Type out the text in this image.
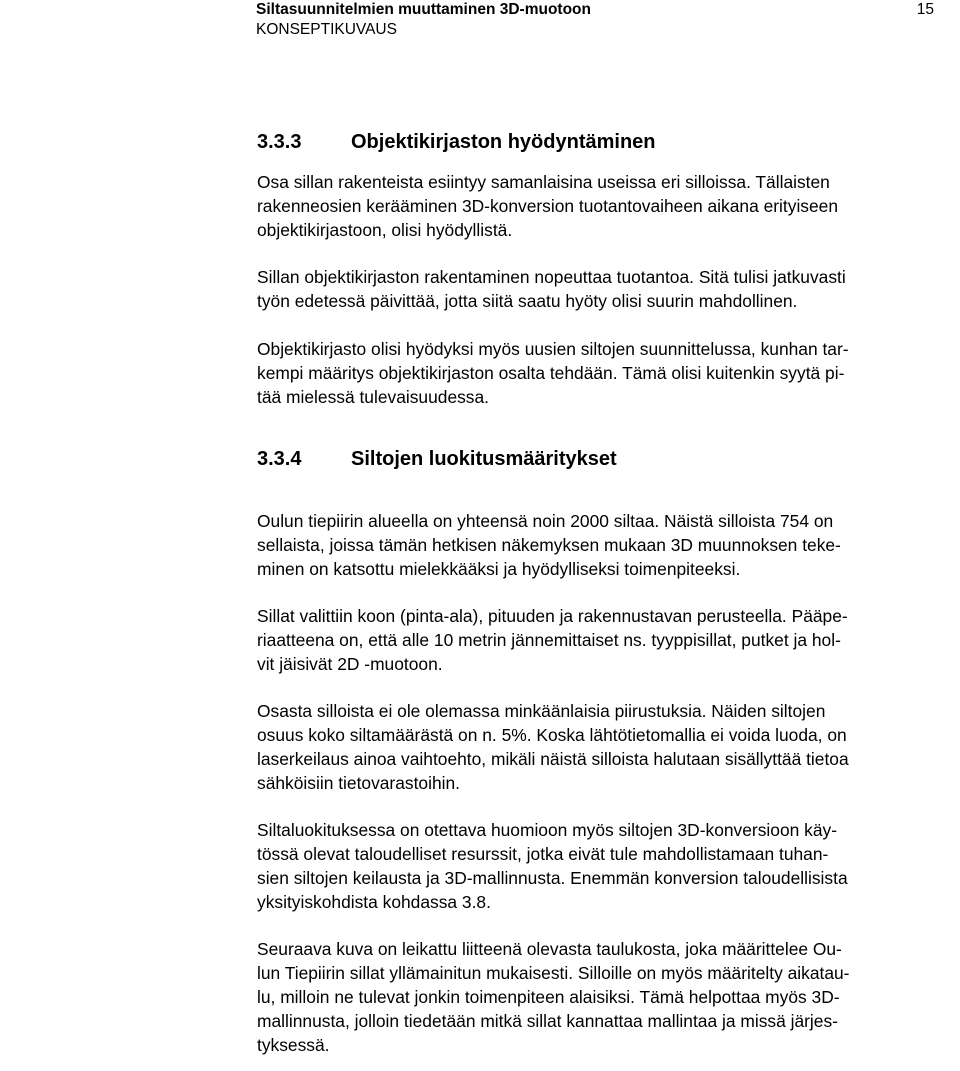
Siltasuunnitelmien muuttaminen 3D-muotoon
KONSEPTIKUVAUS
15
3.3.3	Objektikirjaston hyödyntäminen

Osa sillan rakenteista esiintyy samanlaisina useissa eri silloissa. Tällaisten
rakenneosien kerääminen 3D-konversion tuotantovaiheen aikana erityiseen
objektikirjastoon, olisi hyödyllistä.

Sillan objektikirjaston rakentaminen nopeuttaa tuotantoa. Sitä tulisi jatkuvasti
työn edetessä päivittää, jotta siitä saatu hyöty olisi suurin mahdollinen.

Objektikirjasto olisi hyödyksi myös uusien siltojen suunnittelussa, kunhan tar-
kempi määritys objektikirjaston osalta tehdään. Tämä olisi kuitenkin syytä pi-
tää mielessä tulevaisuudessa.

3.3.4	Siltojen luokitusmääritykset

Oulun tiepiirin alueella on yhteensä noin 2000 siltaa. Näistä silloista 754 on
sellaista, joissa tämän hetkisen näkemyksen mukaan 3D muunnoksen teke-
minen on katsottu mielekkääksi ja hyödylliseksi toimenpiteeksi.

Sillat valittiin koon (pinta-ala), pituuden ja rakennustavan perusteella. Pääpe-
riaatteena on, että alle 10 metrin jännemittaiset ns. tyyppisillat, putket ja hol-
vit jäisivät 2D -muotoon.

Osasta silloista ei ole olemassa minkäänlaisia piirustuksia. Näiden siltojen
osuus koko siltamäärästä on n. 5%. Koska lähtötietomallia ei voida luoda, on
laserkeilaus ainoa vaihtoehto, mikäli näistä silloista halutaan sisällyttää tietoa
sähköisiin tietovarastoihin.

Siltaluokituksessa on otettava huomioon myös siltojen 3D-konversioon käy-
tössä olevat taloudelliset resurssit, jotka eivät tule mahdollistamaan tuhan-
sien siltojen keilausta ja 3D-mallinnusta. Enemmän konversion taloudellisista
yksityiskohdista kohdassa 3.8.

Seuraava kuva on leikattu liitteenä olevasta taulukosta, joka määrittelee Ou-
lun Tiepiirin sillat yllämainitun mukaisesti. Silloille on myös määritelty aikatau-
lu, milloin ne tulevat jonkin toimenpiteen alaisiksi. Tämä helpottaa myös 3D-
mallinnusta, jolloin tiedetään mitkä sillat kannattaa mallintaa ja missä järjes-
tyksessä.
